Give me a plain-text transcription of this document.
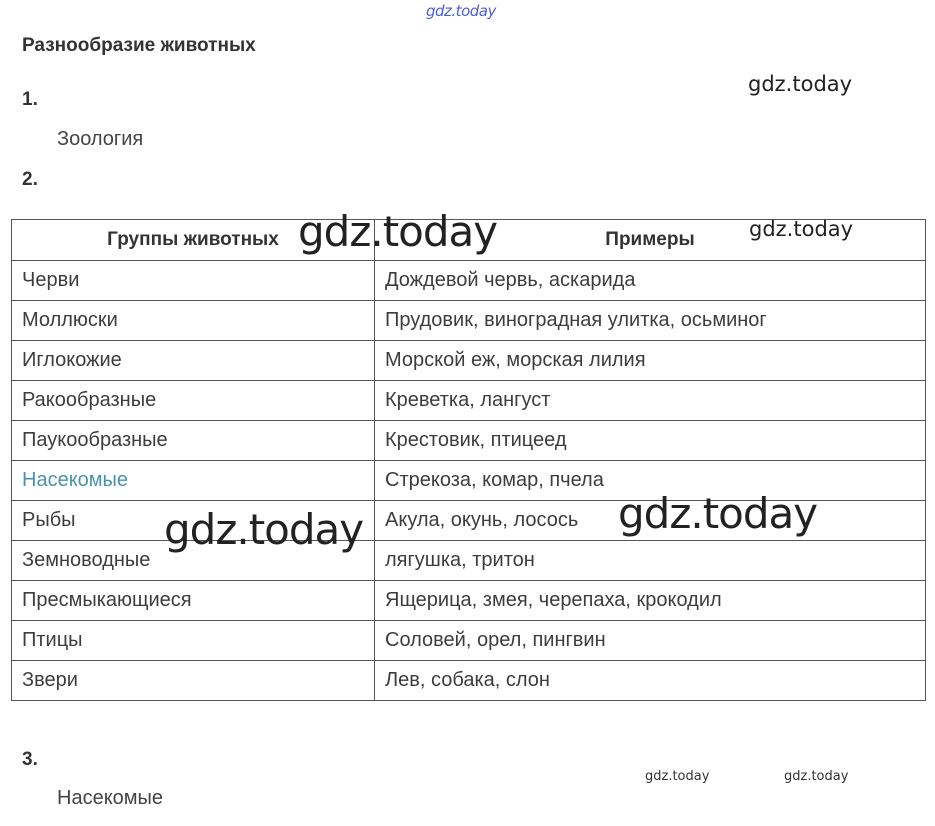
gdz.today
Разнообразие животных
1.
gdz.today
Зоология
2.
Группы животных	Примеры
Черви	Дождевой червь, аскарида
Моллюски	Прудовик, виноградная улитка, осьминог
Иглокожие	Морской еж, морская лилия
Ракообразные	Креветка, лангуст
Паукообразные	Крестовик, птицеед
Насекомые	Стрекоза, комар, пчела
Рыбы	Акула, окунь, лосось
Земноводные	лягушка, тритон
Пресмыкающиеся	Ящерица, змея, черепаха, крокодил
Птицы	Соловей, орел, пингвин
Звери	Лев, собака, слон
gdz.today	gdz.today
gdz.today	gdz.today
3.
gdz.today	gdz.today
Насекомые
